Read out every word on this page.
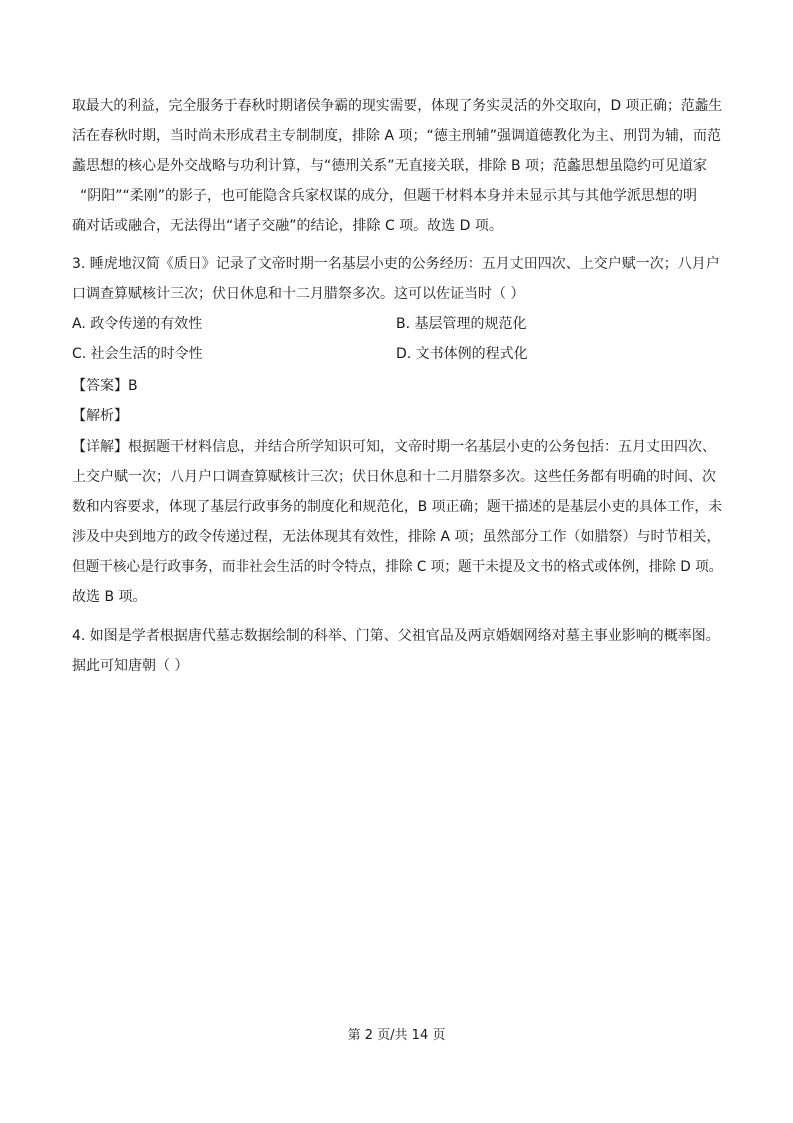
取最大的利益，完全服务于春秋时期诸侯争霸的现实需要，体现了务实灵活的外交取向，D 项正确；范蠡生
活在春秋时期，当时尚未形成君主专制制度，排除 A 项；“德主刑辅”强调道德教化为主、刑罚为辅，而范
蠡思想的核心是外交战略与功利计算，与“德刑关系”无直接关联，排除 B 项；范蠡思想虽隐约可见道家
“阴阳”“柔刚”的影子，也可能隐含兵家权谋的成分，但题干材料本身并未显示其与其他学派思想的明
确对话或融合，无法得出“诸子交融”的结论，排除 C 项。故选 D 项。
3. 睡虎地汉简《质日》记录了文帝时期一名基层小吏的公务经历：五月丈田四次、上交户赋一次；八月户
口调查算赋核计三次；伏日休息和十二月腊祭多次。这可以佐证当时（ ）
A. 政令传递的有效性	B. 基层管理的规范化
C. 社会生活的时令性	D. 文书体例的程式化
【答案】B
【解析】
【详解】根据题干材料信息，并结合所学知识可知，文帝时期一名基层小吏的公务包括：五月丈田四次、
上交户赋一次；八月户口调查算赋核计三次；伏日休息和十二月腊祭多次。这些任务都有明确的时间、次
数和内容要求，体现了基层行政事务的制度化和规范化，B 项正确；题干描述的是基层小吏的具体工作，未
涉及中央到地方的政令传递过程，无法体现其有效性，排除 A 项；虽然部分工作（如腊祭）与时节相关，
但题干核心是行政事务，而非社会生活的时令特点，排除 C 项；题干未提及文书的格式或体例，排除 D 项。
故选 B 项。
4. 如图是学者根据唐代墓志数据绘制的科举、门第、父祖官品及两京婚姻网络对墓主事业影响的概率图。
据此可知唐朝（ ）
第 2 页/共 14 页
